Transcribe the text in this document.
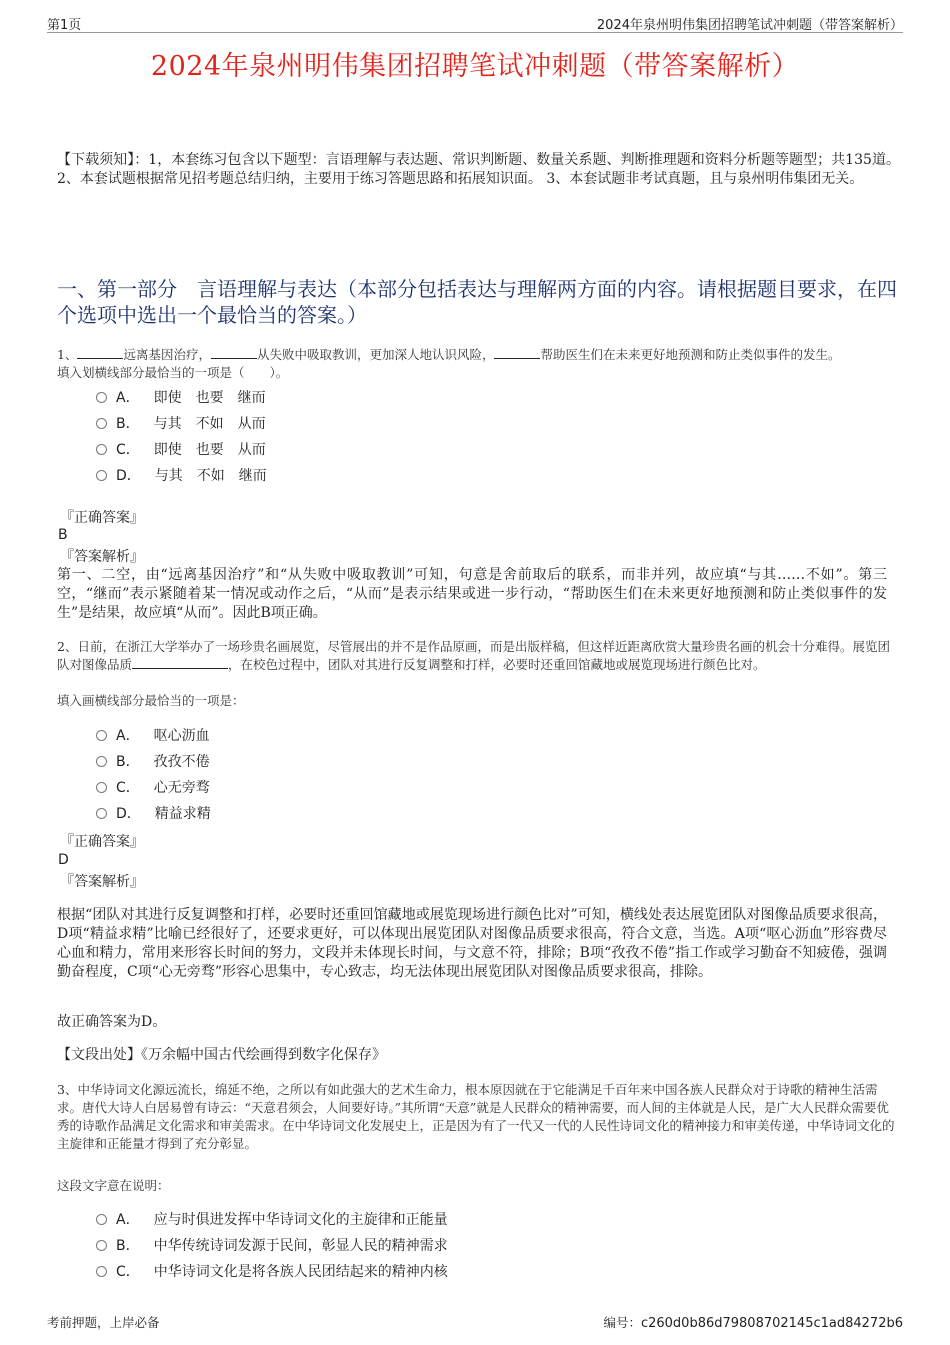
第1页	2024年泉州明伟集团招聘笔试冲刺题（带答案解析）
2024年泉州明伟集团招聘笔试冲刺题（带答案解析）
【下载须知】：1，本套练习包含以下题型：言语理解与表达题、常识判断题、数量关系题、判断推理题和资料分析题等题型；共135道。 2、本套试题根据常见招考题总结归纳，主要用于练习答题思路和拓展知识面。 3、本套试题非考试真题，且与泉州明伟集团无关。
一、第一部分　言语理解与表达（本部分包括表达与理解两方面的内容。请根据题目要求，在四个选项中选出一个最恰当的答案。）
1、	远离基因治疗，	从失败中吸取教训，更加深人地认识风险，	帮助医生们在未来更好地预测和防止类似事件的发生。
填入划横线部分最恰当的一项是（　　）。
A． 即使　也要　继而
B． 与其　不如　从而
C． 即使　也要　从而
D． 与其　不如　继而
『正确答案』
B
『答案解析』
第一、二空，由“远离基因治疗”和“从失败中吸取教训”可知，句意是舍前取后的联系，而非并列，故应填“与其……不如”。第三空，“继而”表示紧随着某一情况或动作之后，“从而”是表示结果或进一步行动，“帮助医生们在未来更好地预测和防止类似事件的发生”是结果，故应填“从而”。因此B项正确。
2、日前，在浙江大学举办了一场珍贵名画展览，尽管展出的并不是作品原画，而是出版样稿，但这样近距离欣赏大量珍贵名画的机会十分难得。展览团队对图像品质	，在校色过程中，团队对其进行反复调整和打样，必要时还重回馆藏地或展览现场进行颜色比对。
填入画横线部分最恰当的一项是：
A． 呕心沥血
B． 孜孜不倦
C． 心无旁骛
D． 精益求精
『正确答案』
D
『答案解析』
根据“团队对其进行反复调整和打样，必要时还重回馆藏地或展览现场进行颜色比对”可知，横线处表达展览团队对图像品质要求很高，D项“精益求精”比喻已经很好了，还要求更好，可以体现出展览团队对图像品质要求很高，符合文意，当选。A项“呕心沥血”形容费尽心血和精力，常用来形容长时间的努力，文段并未体现长时间，与文意不符，排除；B项“孜孜不倦”指工作或学习勤奋不知疲倦，强调勤奋程度，C项“心无旁骛”形容心思集中，专心致志，均无法体现出展览团队对图像品质要求很高，排除。
故正确答案为D。
【文段出处】《万余幅中国古代绘画得到数字化保存》
3、中华诗词文化源远流长，绵延不绝，之所以有如此强大的艺术生命力，根本原因就在于它能满足千百年来中国各族人民群众对于诗歌的精神生活需求。唐代大诗人白居易曾有诗云：“天意君须会，人间要好诗。”其所谓“天意”就是人民群众的精神需要，而人间的主体就是人民，是广大人民群众需要优秀的诗歌作品满足文化需求和审美需求。在中华诗词文化发展史上，正是因为有了一代又一代的人民性诗词文化的精神接力和审美传递，中华诗词文化的主旋律和正能量才得到了充分彰显。
这段文字意在说明：
A． 应与时俱进发挥中华诗词文化的主旋律和正能量
B． 中华传统诗词发源于民间，彰显人民的精神需求
C． 中华诗词文化是将各族人民团结起来的精神内核
考前押题，上岸必备	编号：c260d0b86d79808702145c1ad84272b6
